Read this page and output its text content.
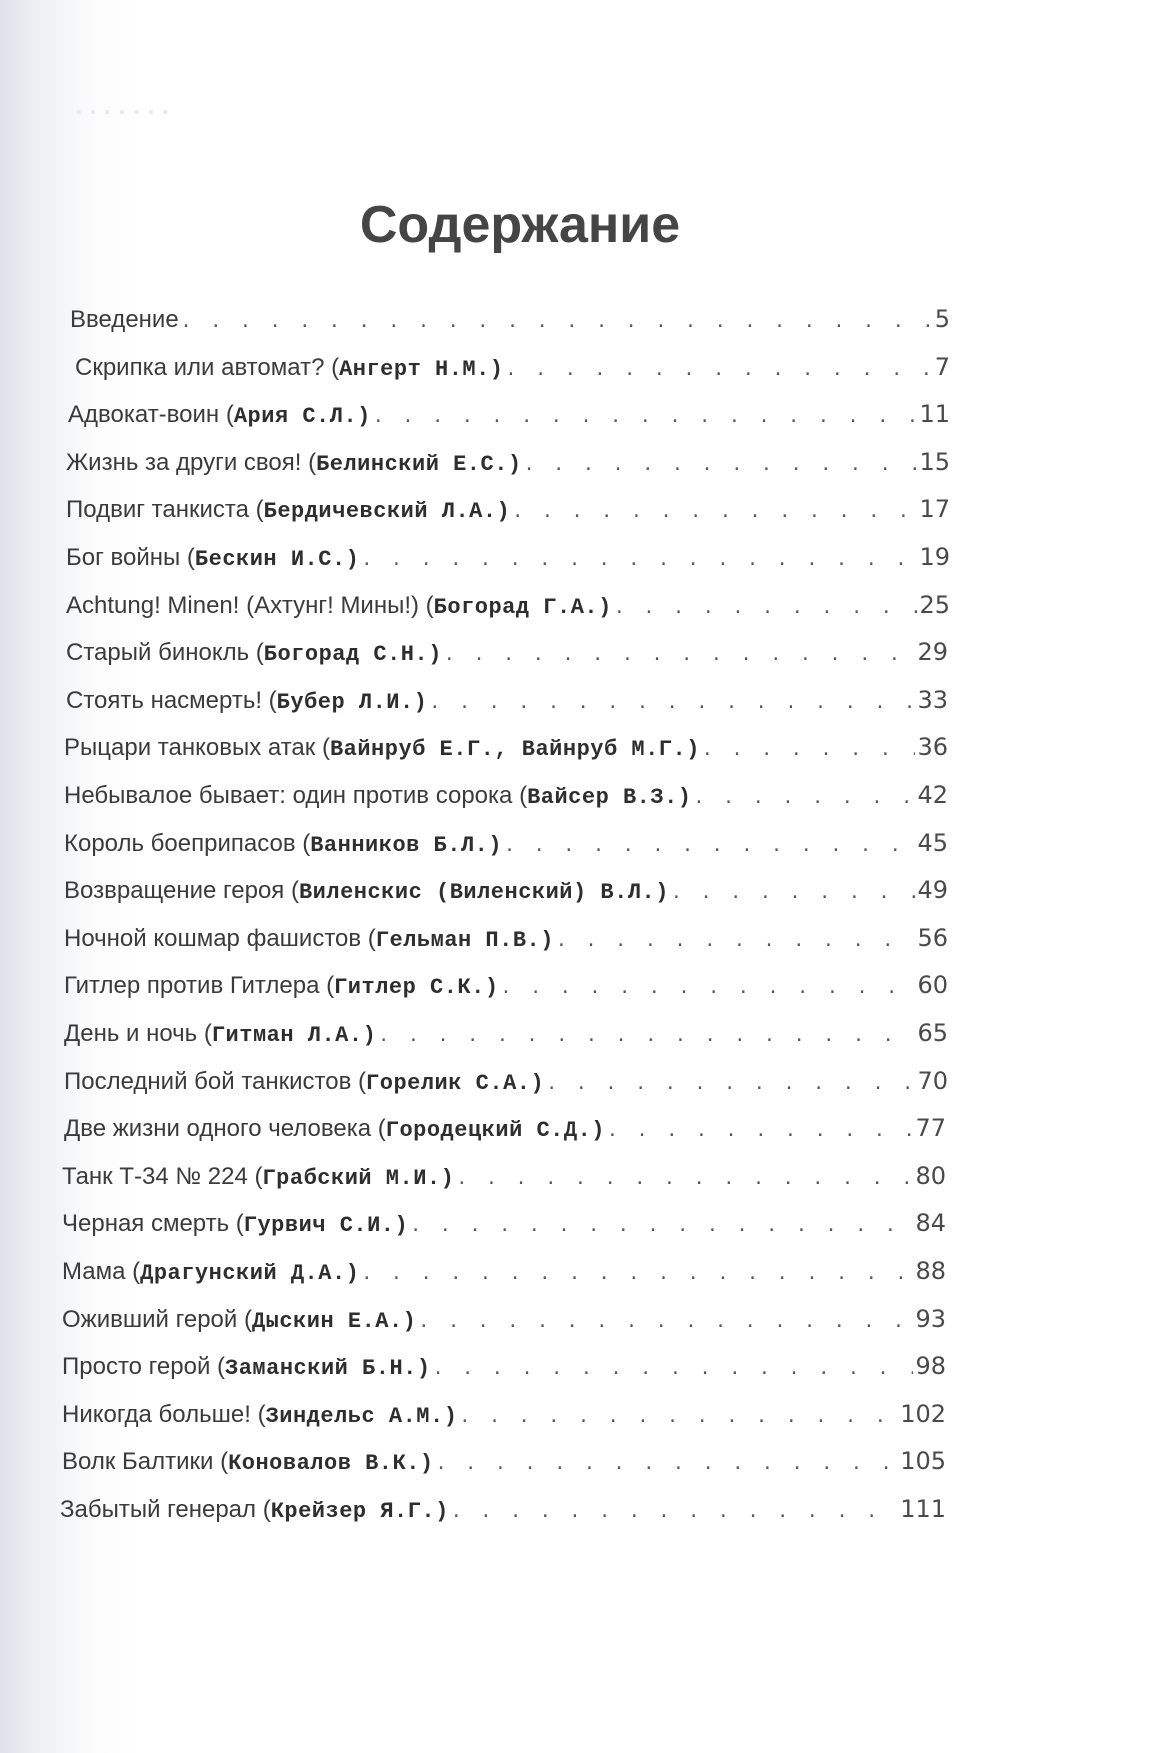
. . . . . . .
Содержание
Введение . . .	5
Скрипка или автомат? ( Ангерт Н.М.) . . .	7
Адвокат-воин ( Ария С.Л.) . . .	11
Жизнь за други своя! ( Белинский Е.С.) . . .	15
Подвиг танкиста ( Бердичевский Л.А.) . . .	17
Бог войны ( Бескин И.С.) . . .	19
Achtung! Minen! (Ахтунг! Мины!) ( Богорад Г.А.) . . .	25
Старый бинокль ( Богорад С.Н.) . . .	29
Стоять насмерть! ( Бубер Л.И.) . . .	33
Рыцари танковых атак ( Вайнруб Е.Г., Вайнруб М.Г.) . . .	36
Небывалое бывает: один против сорока ( Вайсер В.З.) . . .	42
Король боеприпасов ( Ванников Б.Л.) . . .	45
Возвращение героя ( Виленскис (Виленский) В.Л.) . . .	49
Ночной кошмар фашистов ( Гельман П.В.) . . .	56
Гитлер против Гитлера ( Гитлер С.К.) . . .	60
День и ночь ( Гитман Л.А.) . . .	65
Последний бой танкистов ( Горелик С.А.) . . .	70
Две жизни одного человека ( Городецкий С.Д.) . . .	77
Танк Т-34 № 224 ( Грабский М.И.) . . .	80
Черная смерть ( Гурвич С.И.) . . .	84
Мама ( Драгунский Д.А.) . . .	88
Оживший герой ( Дыскин Е.А.) . . .	93
Просто герой ( Заманский Б.Н.) . . .	98
Никогда больше! ( Зиндельс А.М.) . . .	102
Волк Балтики ( Коновалов В.К.) . . .	105
Забытый генерал ( Крейзер Я.Г.) . . .	111
